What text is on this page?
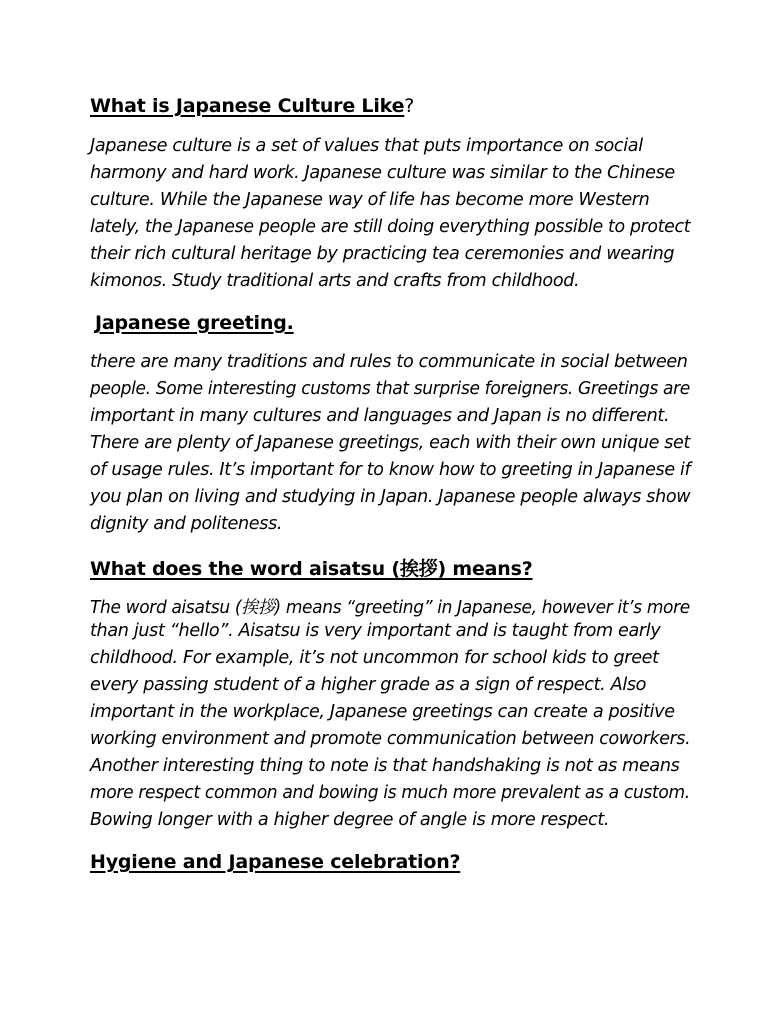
What is Japanese Culture Like?
Japanese culture is a set of values that puts importance on social
harmony and hard work. Japanese culture was similar to the Chinese
culture. While the Japanese way of life has become more Western
lately, the Japanese people are still doing everything possible to protect
their rich cultural heritage by practicing tea ceremonies and wearing
kimonos. Study traditional arts and crafts from childhood.
Japanese greeting.
there are many traditions and rules to communicate in social between
people. Some interesting customs that surprise foreigners. Greetings are
important in many cultures and languages and Japan is no different.
There are plenty of Japanese greetings, each with their own unique set
of usage rules. It’s important for to know how to greeting in Japanese if
you plan on living and studying in Japan. Japanese people always show
dignity and politeness.
What does the word aisatsu (挨拶) means?
The word aisatsu (挨拶) means “greeting” in Japanese, however it’s more
than just “hello”. Aisatsu is very important and is taught from early
childhood. For example, it’s not uncommon for school kids to greet
every passing student of a higher grade as a sign of respect. Also
important in the workplace, Japanese greetings can create a positive
working environment and promote communication between coworkers.
Another interesting thing to note is that handshaking is not as means
more respect common and bowing is much more prevalent as a custom.
Bowing longer with a higher degree of angle is more respect.
Hygiene and Japanese celebration?
